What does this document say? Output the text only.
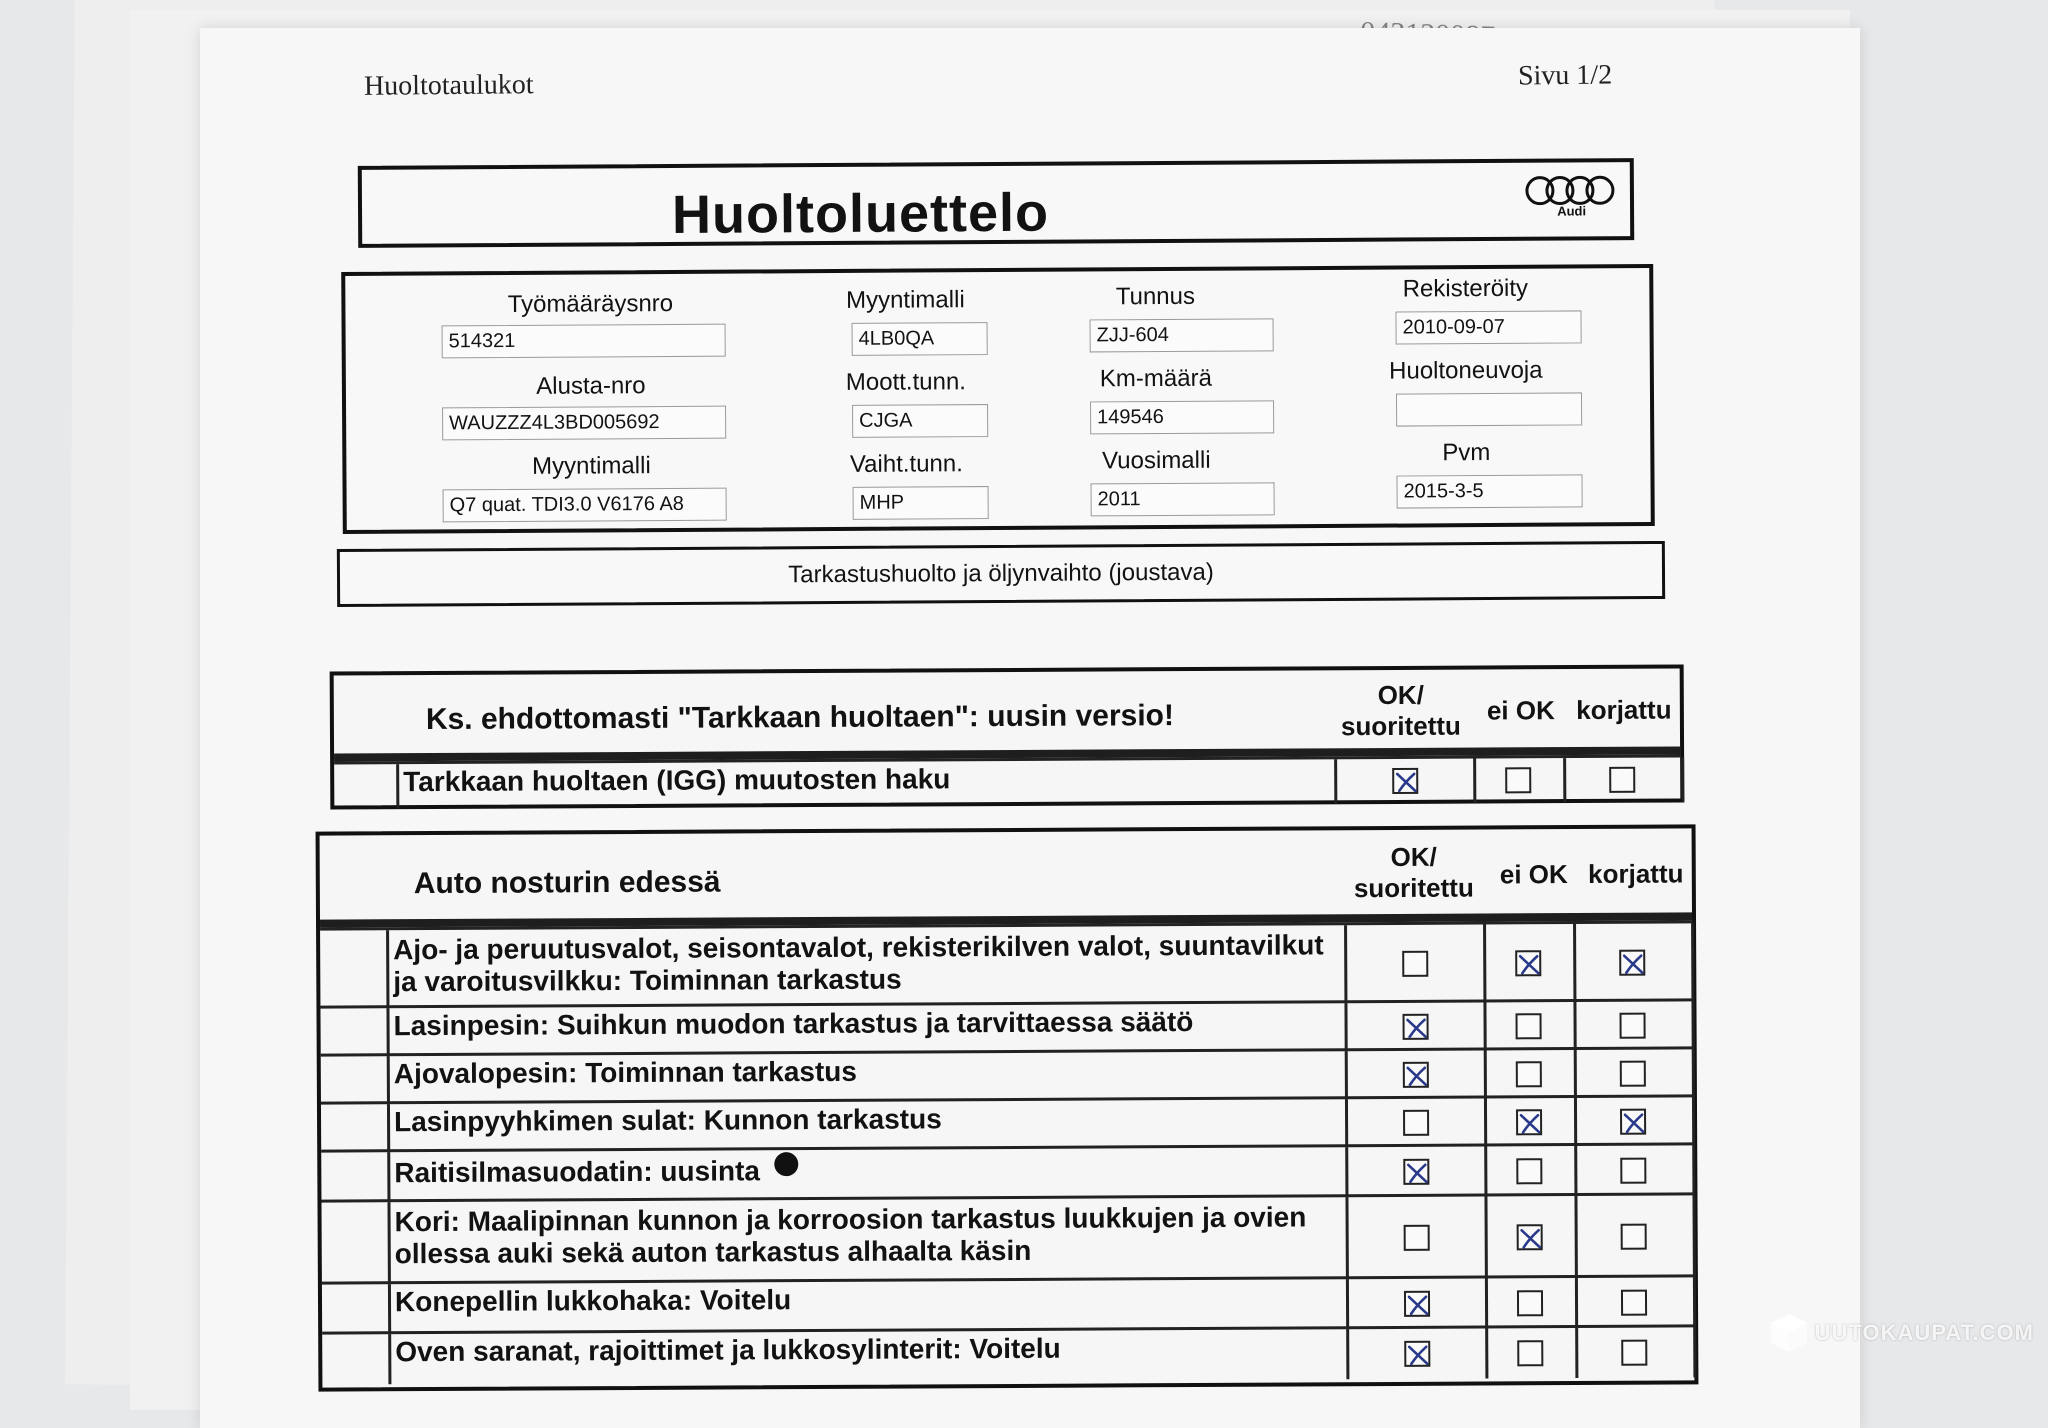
Huoltotaulukot	Sivu 1/2
Huoltoluettelo	Audi
Työmääräysnro
514321
Alusta-nro
WAUZZZ4L3BD005692
Myyntimalli
Q7 quat. TDI3.0 V6176 A8
Myyntimalli
4LB0QA
Moott.tunn.
CJGA
Vaiht.tunn.
MHP
Tunnus
ZJJ-604
Km-määrä
149546
Vuosimalli
2011
Rekisteröity
2010-09-07
Huoltoneuvoja
Pvm
2015-3-5
Tarkastushuolto ja öljynvaihto (joustava)
Ks. ehdottomasti "Tarkkaan huoltaen": uusin versio!
OK/
suoritettu
ei OK korjattu
Tarkkaan huoltaen (IGG) muutosten haku
Auto nosturin edessä
OK/
suoritettu ei OK korjattu
Ajo- ja peruutusvalot, seisontavalot, rekisterikilven valot, suuntavilkut ja varoitusvilkku: Toiminnan tarkastus
Lasinpesin: Suihkun muodon tarkastus ja tarvittaessa säätö
Ajovalopesin: Toiminnan tarkastus
Lasinpyyhkimen sulat: Kunnon tarkastus
Raitisilmasuodatin: uusinta
Kori: Maalipinnan kunnon ja korroosion tarkastus luukkujen ja ovien ollessa auki sekä auton tarkastus alhaalta käsin
Konepellin lukkohaka: Voitelu
Oven saranat, rajoittimet ja lukkosylinterit: Voitelu
UUTOKAUPAT.COM
